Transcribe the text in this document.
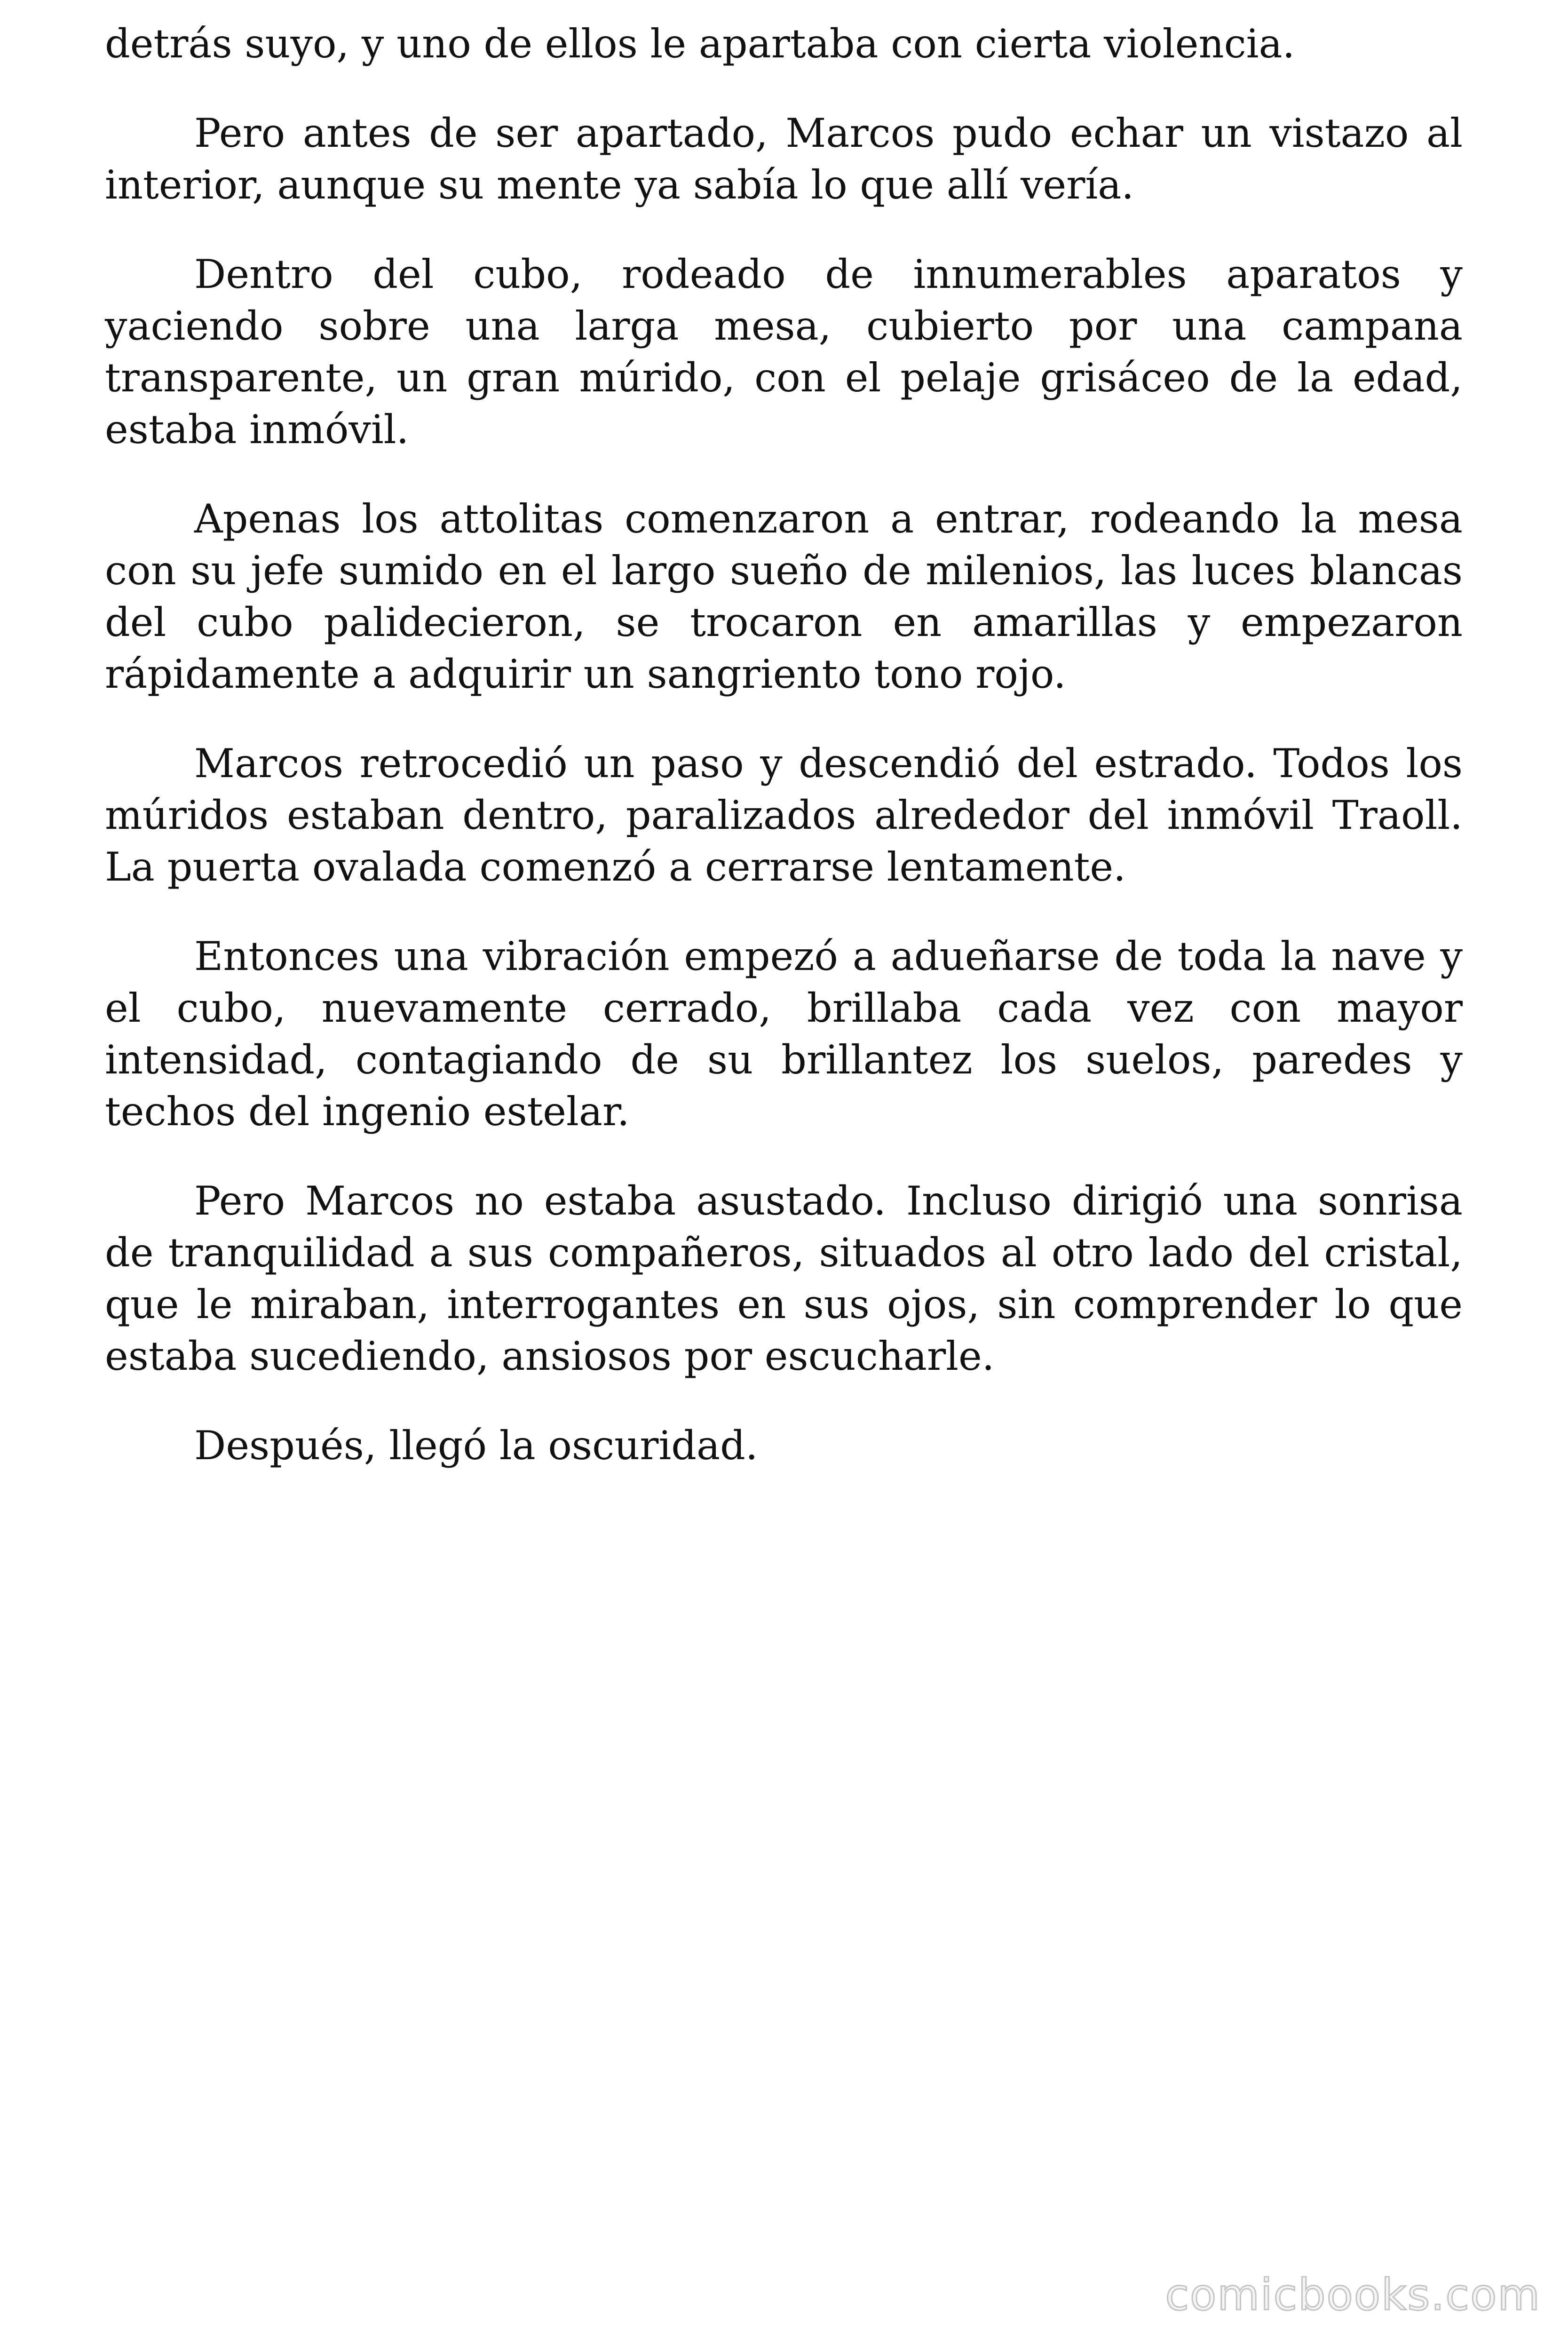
detrás suyo, y uno de ellos le apartaba con cierta violencia.

Pero antes de ser apartado, Marcos pudo echar un vistazo al interior, aunque su mente ya sabía lo que allí vería.

Dentro del cubo, rodeado de innumerables aparatos y yaciendo sobre una larga mesa, cubierto por una campana transparente, un gran múrido, con el pelaje grisáceo de la edad, estaba inmóvil.

Apenas los attolitas comenzaron a entrar, rodeando la mesa con su jefe sumido en el largo sueño de milenios, las luces blancas del cubo palidecieron, se trocaron en amarillas y empezaron rápidamente a adquirir un sangriento tono rojo.

Marcos retrocedió un paso y descendió del estrado. Todos los múridos estaban dentro, paralizados alrededor del inmóvil Traoll. La puerta ovalada comenzó a cerrarse lentamente.

Entonces una vibración empezó a adueñarse de toda la nave y el cubo, nuevamente cerrado, brillaba cada vez con mayor intensidad, contagiando de su brillantez los suelos, paredes y techos del ingenio estelar.

Pero Marcos no estaba asustado. Incluso dirigió una sonrisa de tranquilidad a sus compañeros, situados al otro lado del cristal, que le miraban, interrogantes en sus ojos, sin comprender lo que estaba sucediendo, ansiosos por escucharle.

Después, llegó la oscuridad.

comicbooks.com
